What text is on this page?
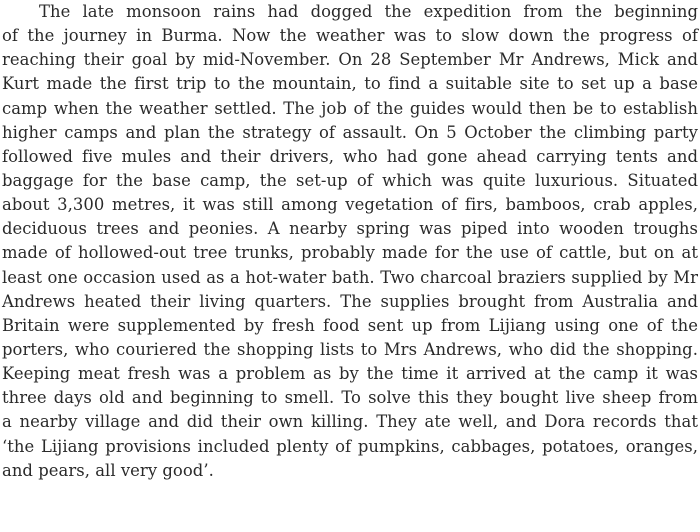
The late monsoon rains had dogged the expedition from the beginning
of the journey in Burma. Now the weather was to slow down the progress of
reaching their goal by mid-November. On 28 September Mr Andrews, Mick and
Kurt made the first trip to the mountain, to find a suitable site to set up a base
camp when the weather settled. The job of the guides would then be to establish
higher camps and plan the strategy of assault. On 5 October the climbing party
followed five mules and their drivers, who had gone ahead carrying tents and
baggage for the base camp, the set-up of which was quite luxurious. Situated
about 3,300 metres, it was still among vegetation of firs, bamboos, crab apples,
deciduous trees and peonies. A nearby spring was piped into wooden troughs
made of hollowed-out tree trunks, probably made for the use of cattle, but on at
least one occasion used as a hot-water bath. Two charcoal braziers supplied by Mr
Andrews heated their living quarters. The supplies brought from Australia and
Britain were supplemented by fresh food sent up from Lijiang using one of the
porters, who couriered the shopping lists to Mrs Andrews, who did the shopping.
Keeping meat fresh was a problem as by the time it arrived at the camp it was
three days old and beginning to smell. To solve this they bought live sheep from
a nearby village and did their own killing. They ate well, and Dora records that
‘the Lijiang provisions included plenty of pumpkins, cabbages, potatoes, oranges,
and pears, all very good’.
